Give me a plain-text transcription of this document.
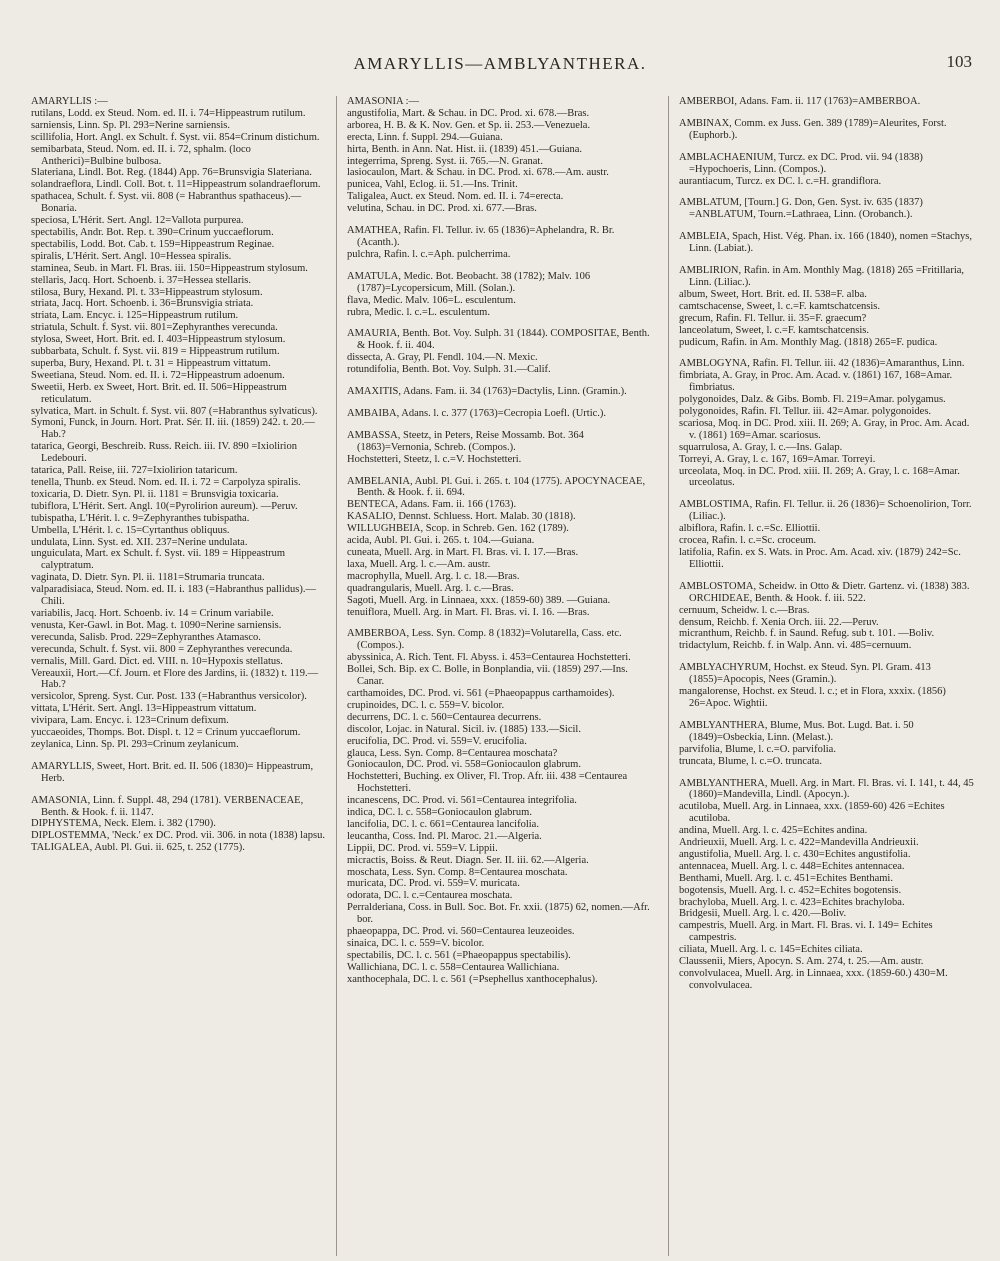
AMARYLLIS—AMBLYANTHERA.	103
AMARYLLIS :—
rutilans, Lodd. ex Steud. Nom. ed. II. i. 74=Hippeastrum rutilum.
sarniensis, Linn. Sp. Pl. 293=Nerine sarniensis.
scillifolia, Hort. Angl. ex Schult. f. Syst. vii. 854=Crinum distichum.
semibarbata, Steud. Nom. ed. II. i. 72, sphalm. (loco Antherici)=Bulbine bulbosa.
Slateriana, Lindl. Bot. Reg. (1844) App. 76=Brunsvigia Slateriana.
solandraeflora, Lindl. Coll. Bot. t. 11=Hippeastrum solandraeflorum.
spathacea, Schult. f. Syst. vii. 808 (= Habranthus spathaceus).—Bonaria.
speciosa, L'Hérit. Sert. Angl. 12=Vallota purpurea.
spectabilis, Andr. Bot. Rep. t. 390=Crinum yuccaeflorum.
spectabilis, Lodd. Bot. Cab. t. 159=Hippeastrum Reginae.
spiralis, L'Hérit. Sert. Angl. 10=Hessea spiralis.
staminea, Seub. in Mart. Fl. Bras. iii. 150=Hippeastrum stylosum.
stellaris, Jacq. Hort. Schoenb. i. 37=Hessea stellaris.
stilosa, Bury, Hexand. Pl. t. 33=Hippeastrum stylosum.
striata, Jacq. Hort. Schoenb. i. 36=Brunsvigia striata.
striata, Lam. Encyc. i. 125=Hippeastrum rutilum.
striatula, Schult. f. Syst. vii. 801=Zephyranthes verecunda.
stylosa, Sweet, Hort. Brit. ed. I. 403=Hippeastrum stylosum.
subbarbata, Schult. f. Syst. vii. 819 = Hippeastrum rutilum.
superba, Bury, Hexand. Pl. t. 31 = Hippeastrum vittatum.
Sweetiana, Steud. Nom. ed. II. i. 72=Hippeastrum adoenum.
Sweetii, Herb. ex Sweet, Hort. Brit. ed. II. 506=Hippeastrum reticulatum.
sylvatica, Mart. in Schult. f. Syst. vii. 807 (=Habranthus sylvaticus).
Symoni, Funck, in Journ. Hort. Prat. Sér. II. iii. (1859) 242. t. 20.—Hab.?
tatarica, Georgi, Beschreib. Russ. Reich. iii. IV. 890 =Ixiolirion Ledebouri.
tatarica, Pall. Reise, iii. 727=Ixiolirion tataricum.
tenella, Thunb. ex Steud. Nom. ed. II. i. 72 = Carpolyza spiralis.
toxicaria, D. Dietr. Syn. Pl. ii. 1181 = Brunsvigia toxicaria.
tubiflora, L'Hérit. Sert. Angl. 10(=Pyrolirion aureum). —Peruv.
tubispatha, L'Hérit. l. c. 9=Zephyranthes tubispatha.
Umbella, L'Hérit. l. c. 15=Cyrtanthus obliquus.
undulata, Linn. Syst. ed. XII. 237=Nerine undulata.
unguiculata, Mart. ex Schult. f. Syst. vii. 189 = Hippeastrum calyptratum.
vaginata, D. Dietr. Syn. Pl. ii. 1181=Strumaria truncata.
valparadisiaca, Steud. Nom. ed. II. i. 183 (=Habranthus pallidus).—Chili.
variabilis, Jacq. Hort. Schoenb. iv. 14 = Crinum variabile.
venusta, Ker-Gawl. in Bot. Mag. t. 1090=Nerine sarniensis.
verecunda, Salisb. Prod. 229=Zephyranthes Atamasco.
verecunda, Schult. f. Syst. vii. 800 = Zephyranthes verecunda.
vernalis, Mill. Gard. Dict. ed. VIII. n. 10=Hypoxis stellatus.
Vereauxii, Hort.—Cf. Journ. et Flore des Jardins, ii. (1832) t. 119.—Hab.?
versicolor, Spreng. Syst. Cur. Post. 133 (=Habranthus versicolor).
vittata, L'Hérit. Sert. Angl. 13=Hippeastrum vittatum.
vivipara, Lam. Encyc. i. 123=Crinum defixum.
yuccaeoides, Thomps. Bot. Displ. t. 12 = Crinum yuccaeflorum.
zeylanica, Linn. Sp. Pl. 293=Crinum zeylanicum.
AMARYLLIS, Sweet, Hort. Brit. ed. II. 506 (1830)= Hippeastrum, Herb.
AMASONIA, Linn. f. Suppl. 48, 294 (1781). VERBENACEAE, Benth. & Hook. f. ii. 1147.
DIPHYSTEMA, Neck. Elem. i. 382 (1790).
DIPLOSTEMMA, 'Neck.' ex DC. Prod. vii. 306. in nota (1838) lapsu.
TALIGALEA, Aubl. Pl. Gui. ii. 625, t. 252 (1775).
AMASONIA :—
angustifolia, Mart. & Schau. in DC. Prod. xi. 678.—Bras.
arborea, H. B. & K. Nov. Gen. et Sp. ii. 253.—Venezuela.
erecta, Linn. f. Suppl. 294.—Guiana.
hirta, Benth. in Ann. Nat. Hist. ii. (1839) 451.—Guiana.
integerrima, Spreng. Syst. ii. 765.—N. Granat.
lasiocaulon, Mart. & Schau. in DC. Prod. xi. 678.—Am. austr.
punicea, Vahl, Eclog. ii. 51.—Ins. Trinit.
Taligalea, Auct. ex Steud. Nom. ed. II. i. 74=erecta.
velutina, Schau. in DC. Prod. xi. 677.—Bras.
AMATHEA, Rafin. Fl. Tellur. iv. 65 (1836)=Aphelandra, R. Br. (Acanth.).
pulchra, Rafin. l. c.=Aph. pulcherrima.
AMATULA, Medic. Bot. Beobacht. 38 (1782); Malv. 106 (1787)=Lycopersicum, Mill. (Solan.).
flava, Medic. Malv. 106=L. esculentum.
rubra, Medic. l. c.=L. esculentum.
AMAURIA, Benth. Bot. Voy. Sulph. 31 (1844). COMPOSITAE, Benth. & Hook. f. ii. 404.
dissecta, A. Gray, Pl. Fendl. 104.—N. Mexic.
rotundifolia, Benth. Bot. Voy. Sulph. 31.—Calif.
AMAXITIS, Adans. Fam. ii. 34 (1763)=Dactylis, Linn. (Gramin.).
AMBAIBA, Adans. l. c. 377 (1763)=Cecropia Loefl. (Urtic.).
AMBASSA, Steetz, in Peters, Reise Mossamb. Bot. 364 (1863)=Vernonia, Schreb. (Compos.).
Hochstetteri, Steetz, l. c.=V. Hochstetteri.
AMBELANIA, Aubl. Pl. Gui. i. 265. t. 104 (1775). APOCYNACEAE, Benth. & Hook. f. ii. 694.
BENTECA, Adans. Fam. ii. 166 (1763).
KASALIO, Dennst. Schluess. Hort. Malab. 30 (1818).
WILLUGHBEIA, Scop. in Schreb. Gen. 162 (1789).
acida, Aubl. Pl. Gui. i. 265. t. 104.—Guiana.
cuneata, Muell. Arg. in Mart. Fl. Bras. vi. I. 17.—Bras.
laxa, Muell. Arg. l. c.—Am. austr.
macrophylla, Muell. Arg. l. c. 18.—Bras.
quadrangularis, Muell. Arg. l. c.—Bras.
Sagoti, Muell. Arg. in Linnaea, xxx. (1859-60) 389. —Guiana.
tenuiflora, Muell. Arg. in Mart. Fl. Bras. vi. I. 16. —Bras.
AMBERBOA, Less. Syn. Comp. 8 (1832)=Volutarella, Cass. etc. (Compos.).
abyssinica, A. Rich. Tent. Fl. Abyss. i. 453=Centaurea Hochstetteri.
Bollei, Sch. Bip. ex C. Bolle, in Bonplandia, vii. (1859) 297.—Ins. Canar.
carthamoides, DC. Prod. vi. 561 (=Phaeopappus carthamoides).
crupinoides, DC. l. c. 559=V. bicolor.
decurrens, DC. l. c. 560=Centaurea decurrens.
discolor, Lojac. in Natural. Sicil. iv. (1885) 133.—Sicil.
erucifolia, DC. Prod. vi. 559=V. erucifolia.
glauca, Less. Syn. Comp. 8=Centaurea moschata?
Goniocaulon, DC. Prod. vi. 558=Goniocaulon glabrum.
Hochstetteri, Buching. ex Oliver, Fl. Trop. Afr. iii. 438 =Centaurea Hochstetteri.
incanescens, DC. Prod. vi. 561=Centaurea integrifolia.
indica, DC. l. c. 558=Goniocaulon glabrum.
lancifolia, DC. l. c. 661=Centaurea lancifolia.
leucantha, Coss. Ind. Pl. Maroc. 21.—Algeria.
Lippii, DC. Prod. vi. 559=V. Lippii.
micractis, Boiss. & Reut. Diagn. Ser. II. iii. 62.—Algeria.
moschata, Less. Syn. Comp. 8=Centaurea moschata.
muricata, DC. Prod. vi. 559=V. muricata.
odorata, DC. l. c.=Centaurea moschata.
Perralderiana, Coss. in Bull. Soc. Bot. Fr. xxii. (1875) 62, nomen.—Afr. bor.
phaeopappa, DC. Prod. vi. 560=Centaurea leuzeoides.
sinaica, DC. l. c. 559=V. bicolor.
spectabilis, DC. l. c. 561 (=Phaeopappus spectabilis).
Wallichiana, DC. l. c. 558=Centaurea Wallichiana.
xanthocephala, DC. l. c. 561 (=Psephellus xanthocephalus).
AMBERBOI, Adans. Fam. ii. 117 (1763)=AMBERBOA.
AMBINAX, Comm. ex Juss. Gen. 389 (1789)=Aleurites, Forst. (Euphorb.).
AMBLACHAENIUM, Turcz. ex DC. Prod. vii. 94 (1838) =Hypochoeris, Linn. (Compos.).
aurantiacum, Turcz. ex DC. l. c.=H. grandiflora.
AMBLATUM, [Tourn.] G. Don, Gen. Syst. iv. 635 (1837) =ANBLATUM, Tourn.=Lathraea, Linn. (Orobanch.).
AMBLEIA, Spach, Hist. Vég. Phan. ix. 166 (1840), nomen =Stachys, Linn. (Labiat.).
AMBLIRION, Rafin. in Am. Monthly Mag. (1818) 265 =Fritillaria, Linn. (Liliac.).
album, Sweet, Hort. Brit. ed. II. 538=F. alba.
camtschacense, Sweet, l. c.=F. kamtschatcensis.
grecum, Rafin. Fl. Tellur. ii. 35=F. graecum?
lanceolatum, Sweet, l. c.=F. kamtschatcensis.
pudicum, Rafin. in Am. Monthly Mag. (1818) 265=F. pudica.
AMBLOGYNA, Rafin. Fl. Tellur. iii. 42 (1836)=Amaranthus, Linn.
fimbriata, A. Gray, in Proc. Am. Acad. v. (1861) 167, 168=Amar. fimbriatus.
polygonoides, Dalz. & Gibs. Bomb. Fl. 219=Amar. polygamus.
polygonoides, Rafin. Fl. Tellur. iii. 42=Amar. polygonoides.
scariosa, Moq. in DC. Prod. xiii. II. 269; A. Gray, in Proc. Am. Acad. v. (1861) 169=Amar. scariosus.
squarrulosa, A. Gray, l. c.—Ins. Galap.
Torreyi, A. Gray, l. c. 167, 169=Amar. Torreyi.
urceolata, Moq. in DC. Prod. xiii. II. 269; A. Gray, l. c. 168=Amar. urceolatus.
AMBLOSTIMA, Rafin. Fl. Tellur. ii. 26 (1836)= Schoenolirion, Torr. (Liliac.).
albiflora, Rafin. l. c.=Sc. Elliottii.
crocea, Rafin. l. c.=Sc. croceum.
latifolia, Rafin. ex S. Wats. in Proc. Am. Acad. xiv. (1879) 242=Sc. Elliottii.
AMBLOSTOMA, Scheidw. in Otto & Dietr. Gartenz. vi. (1838) 383. ORCHIDEAE, Benth. & Hook. f. iii. 522.
cernuum, Scheidw. l. c.—Bras.
densum, Reichb. f. Xenia Orch. iii. 22.—Peruv.
micranthum, Reichb. f. in Saund. Refug. sub t. 101. —Boliv.
tridactylum, Reichb. f. in Walp. Ann. vi. 485=cernuum.
AMBLYACHYRUM, Hochst. ex Steud. Syn. Pl. Gram. 413 (1855)=Apocopis, Nees (Gramin.).
mangalorense, Hochst. ex Steud. l. c.; et in Flora, xxxix. (1856) 26=Apoc. Wightii.
AMBLYANTHERA, Blume, Mus. Bot. Lugd. Bat. i. 50 (1849)=Osbeckia, Linn. (Melast.).
parvifolia, Blume, l. c.=O. parvifolia.
truncata, Blume, l. c.=O. truncata.
AMBLYANTHERA, Muell. Arg. in Mart. Fl. Bras. vi. I. 141, t. 44, 45 (1860)=Mandevilla, Lindl. (Apocyn.).
acutiloba, Muell. Arg. in Linnaea, xxx. (1859-60) 426 =Echites acutiloba.
andina, Muell. Arg. l. c. 425=Echites andina.
Andrieuxii, Muell. Arg. l. c. 422=Mandevilla Andrieuxii.
angustifolia, Muell. Arg. l. c. 430=Echites angustifolia.
antennacea, Muell. Arg. l. c. 448=Echites antennacea.
Benthami, Muell. Arg. l. c. 451=Echites Benthami.
bogotensis, Muell. Arg. l. c. 452=Echites bogotensis.
brachyloba, Muell. Arg. l. c. 423=Echites brachyloba.
Bridgesii, Muell. Arg. l. c. 420.—Boliv.
campestris, Muell. Arg. in Mart. Fl. Bras. vi. I. 149= Echites campestris.
ciliata, Muell. Arg. l. c. 145=Echites ciliata.
Claussenii, Miers, Apocyn. S. Am. 274, t. 25.—Am. austr.
convolvulacea, Muell. Arg. in Linnaea, xxx. (1859-60.) 430=M. convolvulacea.
